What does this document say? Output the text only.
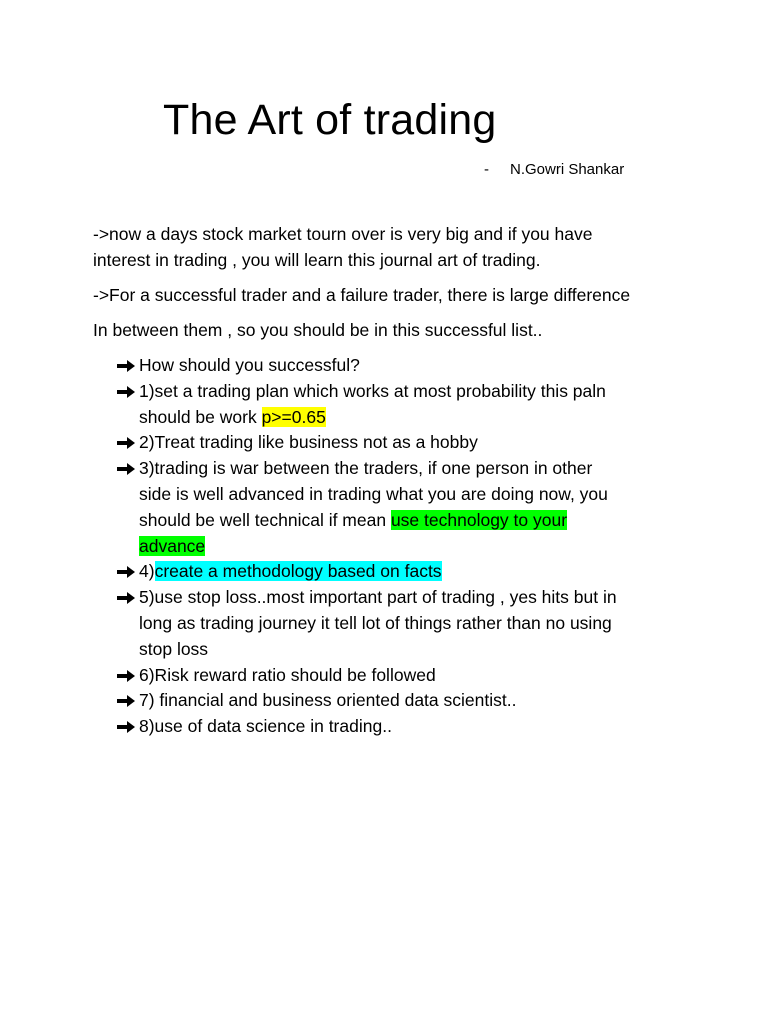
The Art of trading
- N.Gowri Shankar

->now a days stock market tourn over is very big and if you have
interest in trading , you will learn this journal art of trading.

->For a successful trader and a failure trader, there is large difference

In between them , so you should be in this successful list..

How should you successful?
1)set a trading plan which works at most probability this paln
should be work p>=0.65
2)Treat trading like business not as a hobby
3)trading is war between the traders, if one person in other
side is well advanced in trading what you are doing now, you
should be well technical if mean use technology to your
advance
4)create a methodology based on facts
5)use stop loss..most important part of trading , yes hits but in
long as trading journey it tell lot of things rather than no using
stop loss
6)Risk reward ratio should be followed
7) financial and business oriented data scientist..
8)use of data science in trading..
